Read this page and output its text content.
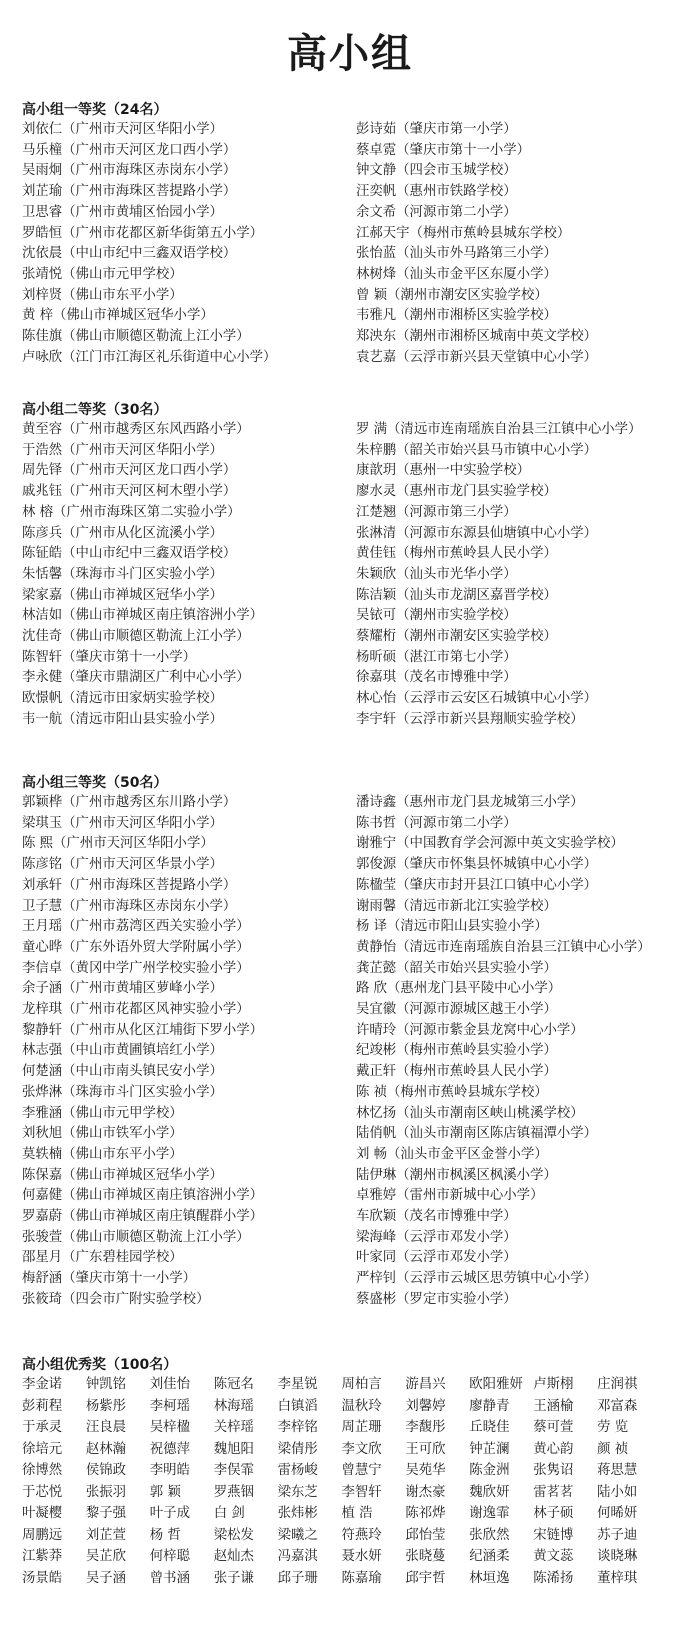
高小组
高小组一等奖（24名）
刘依仁（广州市天河区华阳小学）
马乐橦（广州市天河区龙口西小学）
吴雨炯（广州市海珠区赤岗东小学）
刘芷瑜（广州市海珠区菩提路小学）
卫思睿（广州市黄埔区怡园小学）
罗皓恒（广州市花都区新华街第五小学）
沈依晨（中山市纪中三鑫双语学校）
张靖悦（佛山市元甲学校）
刘梓贤（佛山市东平小学）
黄 梓（佛山市禅城区冠华小学）
陈佳旗（佛山市顺德区勒流上江小学）
卢咏欣（江门市江海区礼乐街道中心小学）
彭诗茹（肇庆市第一小学）
蔡卓霓（肇庆市第十一小学）
钟文静（四会市玉城学校）
汪奕帆（惠州市铁路学校）
余文希（河源市第二小学）
江郝天宇（梅州市蕉岭县城东学校）
张怡蓝（汕头市外马路第三小学）
林树烽（汕头市金平区东厦小学）
曾 颖（潮州市潮安区实验学校）
韦雅凡（潮州市湘桥区实验学校）
郑泱东（潮州市湘桥区城南中英文学校）
袁艺嘉（云浮市新兴县天堂镇中心小学）
高小组二等奖（30名）
黄至容（广州市越秀区东风西路小学）
于浩然（广州市天河区华阳小学）
周先铎（广州市天河区龙口西小学）
戚兆钰（广州市天河区柯木塱小学）
林 榕（广州市海珠区第二实验小学）
陈彦兵（广州市从化区流溪小学）
陈钲皓（中山市纪中三鑫双语学校）
朱恬馨（珠海市斗门区实验小学）
梁家嘉（佛山市禅城区冠华小学）
林洁如（佛山市禅城区南庄镇溶洲小学）
沈佳奇（佛山市顺德区勒流上江小学）
陈智轩（肇庆市第十一小学）
李永健（肇庆市鼎湖区广利中心小学）
欧憬帆（清远市田家炳实验学校）
韦一航（清远市阳山县实验小学）
罗 满（清远市连南瑶族自治县三江镇中心小学）
朱梓鹏（韶关市始兴县马市镇中心小学）
康歆玥（惠州一中实验学校）
廖水灵（惠州市龙门县实验学校）
江楚翘（河源市第三小学）
张淋清（河源市东源县仙塘镇中心小学）
黄佳钰（梅州市蕉岭县人民小学）
朱颖欣（汕头市光华小学）
陈洁颖（汕头市龙湖区嘉晋学校）
吴铱可（潮州市实验学校）
蔡耀桁（潮州市潮安区实验学校）
杨昕硕（湛江市第七小学）
徐嘉琪（茂名市博雅中学）
林心怡（云浮市云安区石城镇中心小学）
李宇轩（云浮市新兴县翔顺实验学校）
高小组三等奖（50名）
郭颖桦（广州市越秀区东川路小学）
梁琪玉（广州市天河区华阳小学）
陈 熙（广州市天河区华阳小学）
陈彦铭（广州市天河区华景小学）
刘承轩（广州市海珠区菩提路小学）
卫子慧（广州市海珠区赤岗东小学）
王月瑶（广州市荔湾区西关实验小学）
童心晔（广东外语外贸大学附属小学）
李信卓（黄冈中学广州学校实验小学）
余子涵（广州市黄埔区萝峰小学）
龙梓琪（广州市花都区风神实验小学）
黎静轩（广州市从化区江埔街下罗小学）
林志强（中山市黄圃镇培红小学）
何楚涵（中山市南头镇民安小学）
张烨淋（珠海市斗门区实验小学）
李雅涵（佛山市元甲学校）
刘秋旭（佛山市铁军小学）
莫轶楠（佛山市东平小学）
陈保嘉（佛山市禅城区冠华小学）
何嘉健（佛山市禅城区南庄镇溶洲小学）
罗嘉蔚（佛山市禅城区南庄镇醒群小学）
张骏萱（佛山市顺德区勒流上江小学）
邵星月（广东碧桂园学校）
梅舒涵（肇庆市第十一小学）
张筱琦（四会市广附实验学校）
潘诗鑫（惠州市龙门县龙城第三小学）
陈书哲（河源市第二小学）
谢雅宁（中国教育学会河源中英文实验学校）
郭俊源（肇庆市怀集县怀城镇中心小学）
陈楹莹（肇庆市封开县江口镇中心小学）
谢雨馨（清远市新北江实验学校）
杨 译（清远市阳山县实验小学）
黄静怡（清远市连南瑶族自治县三江镇中心小学）
龚芷懿（韶关市始兴县实验小学）
路 欣（惠州龙门县平陵中心小学）
吴宜徽（河源市源城区越王小学）
许晴玲（河源市紫金县龙窝中心小学）
纪竣彬（梅州市蕉岭县实验小学）
戴正轩（梅州市蕉岭县人民小学）
陈 祯（梅州市蕉岭县城东学校）
林忆扬（汕头市潮南区峡山桃溪学校）
陆俏帆（汕头市潮南区陈店镇福潭小学）
刘 畅（汕头市金平区金誉小学）
陆伊琳（潮州市枫溪区枫溪小学）
卓雅婷（雷州市新城中心小学）
车欣颖（茂名市博雅中学）
梁海峰（云浮市邓发小学）
叶家同（云浮市邓发小学）
严梓钊（云浮市云城区思劳镇中心小学）
蔡盛彬（罗定市实验小学）
高小组优秀奖（100名）
李金诺	钟凯铭	刘佳怡	陈冠名	李星锐	周柏言	游昌兴	欧阳雅妍 卢斯栩	庄润祺
彭莉程	杨紫彤	李柯瑶	林海瑶	白镇滔	温秋玲	刘馨婷	廖静青	王涵榆	邓富森
于承灵	汪良晨	吴梓楹	关梓瑶	李梓铭	周芷珊	李馥彤	丘晓佳	蔡可萱	劳 览
徐培元	赵林瀚	祝德萍	魏旭阳	梁倩彤	李文欣	王可欣	钟芷澜	黄心韵	颜 祯
徐博然	侯锦政	李明皓	李俣霏	雷杨峻	曾慧宁	吴苑华	陈金洲	张隽诏	蒋思慧
于芯悦	张振羽	郭 颖	罗燕铟	梁东芝	李智轩	谢杰豪	魏欣妍	雷茗茗	陆小如
叶凝樱	黎子强	叶子成	白 剑	张炜彬	植 浩	陈祁烨	谢逸霏	林子硕	何晞妍
周鹏远	刘芷萱	杨 哲	梁松发	梁曦之	符燕玲	邱怡莹	张欣然	宋链博	苏子迪
江紫莽	吴芷欣	何梓聪	赵灿杰	冯嘉淇	聂水妍	张晓蔓	纪涵柔	黄文蕊	谈晓琳
汤景皓	吴子涵	曾书涵	张子谦	邱子珊	陈嘉瑜	邱宇哲	林垣逸	陈浠扬	董梓琪
